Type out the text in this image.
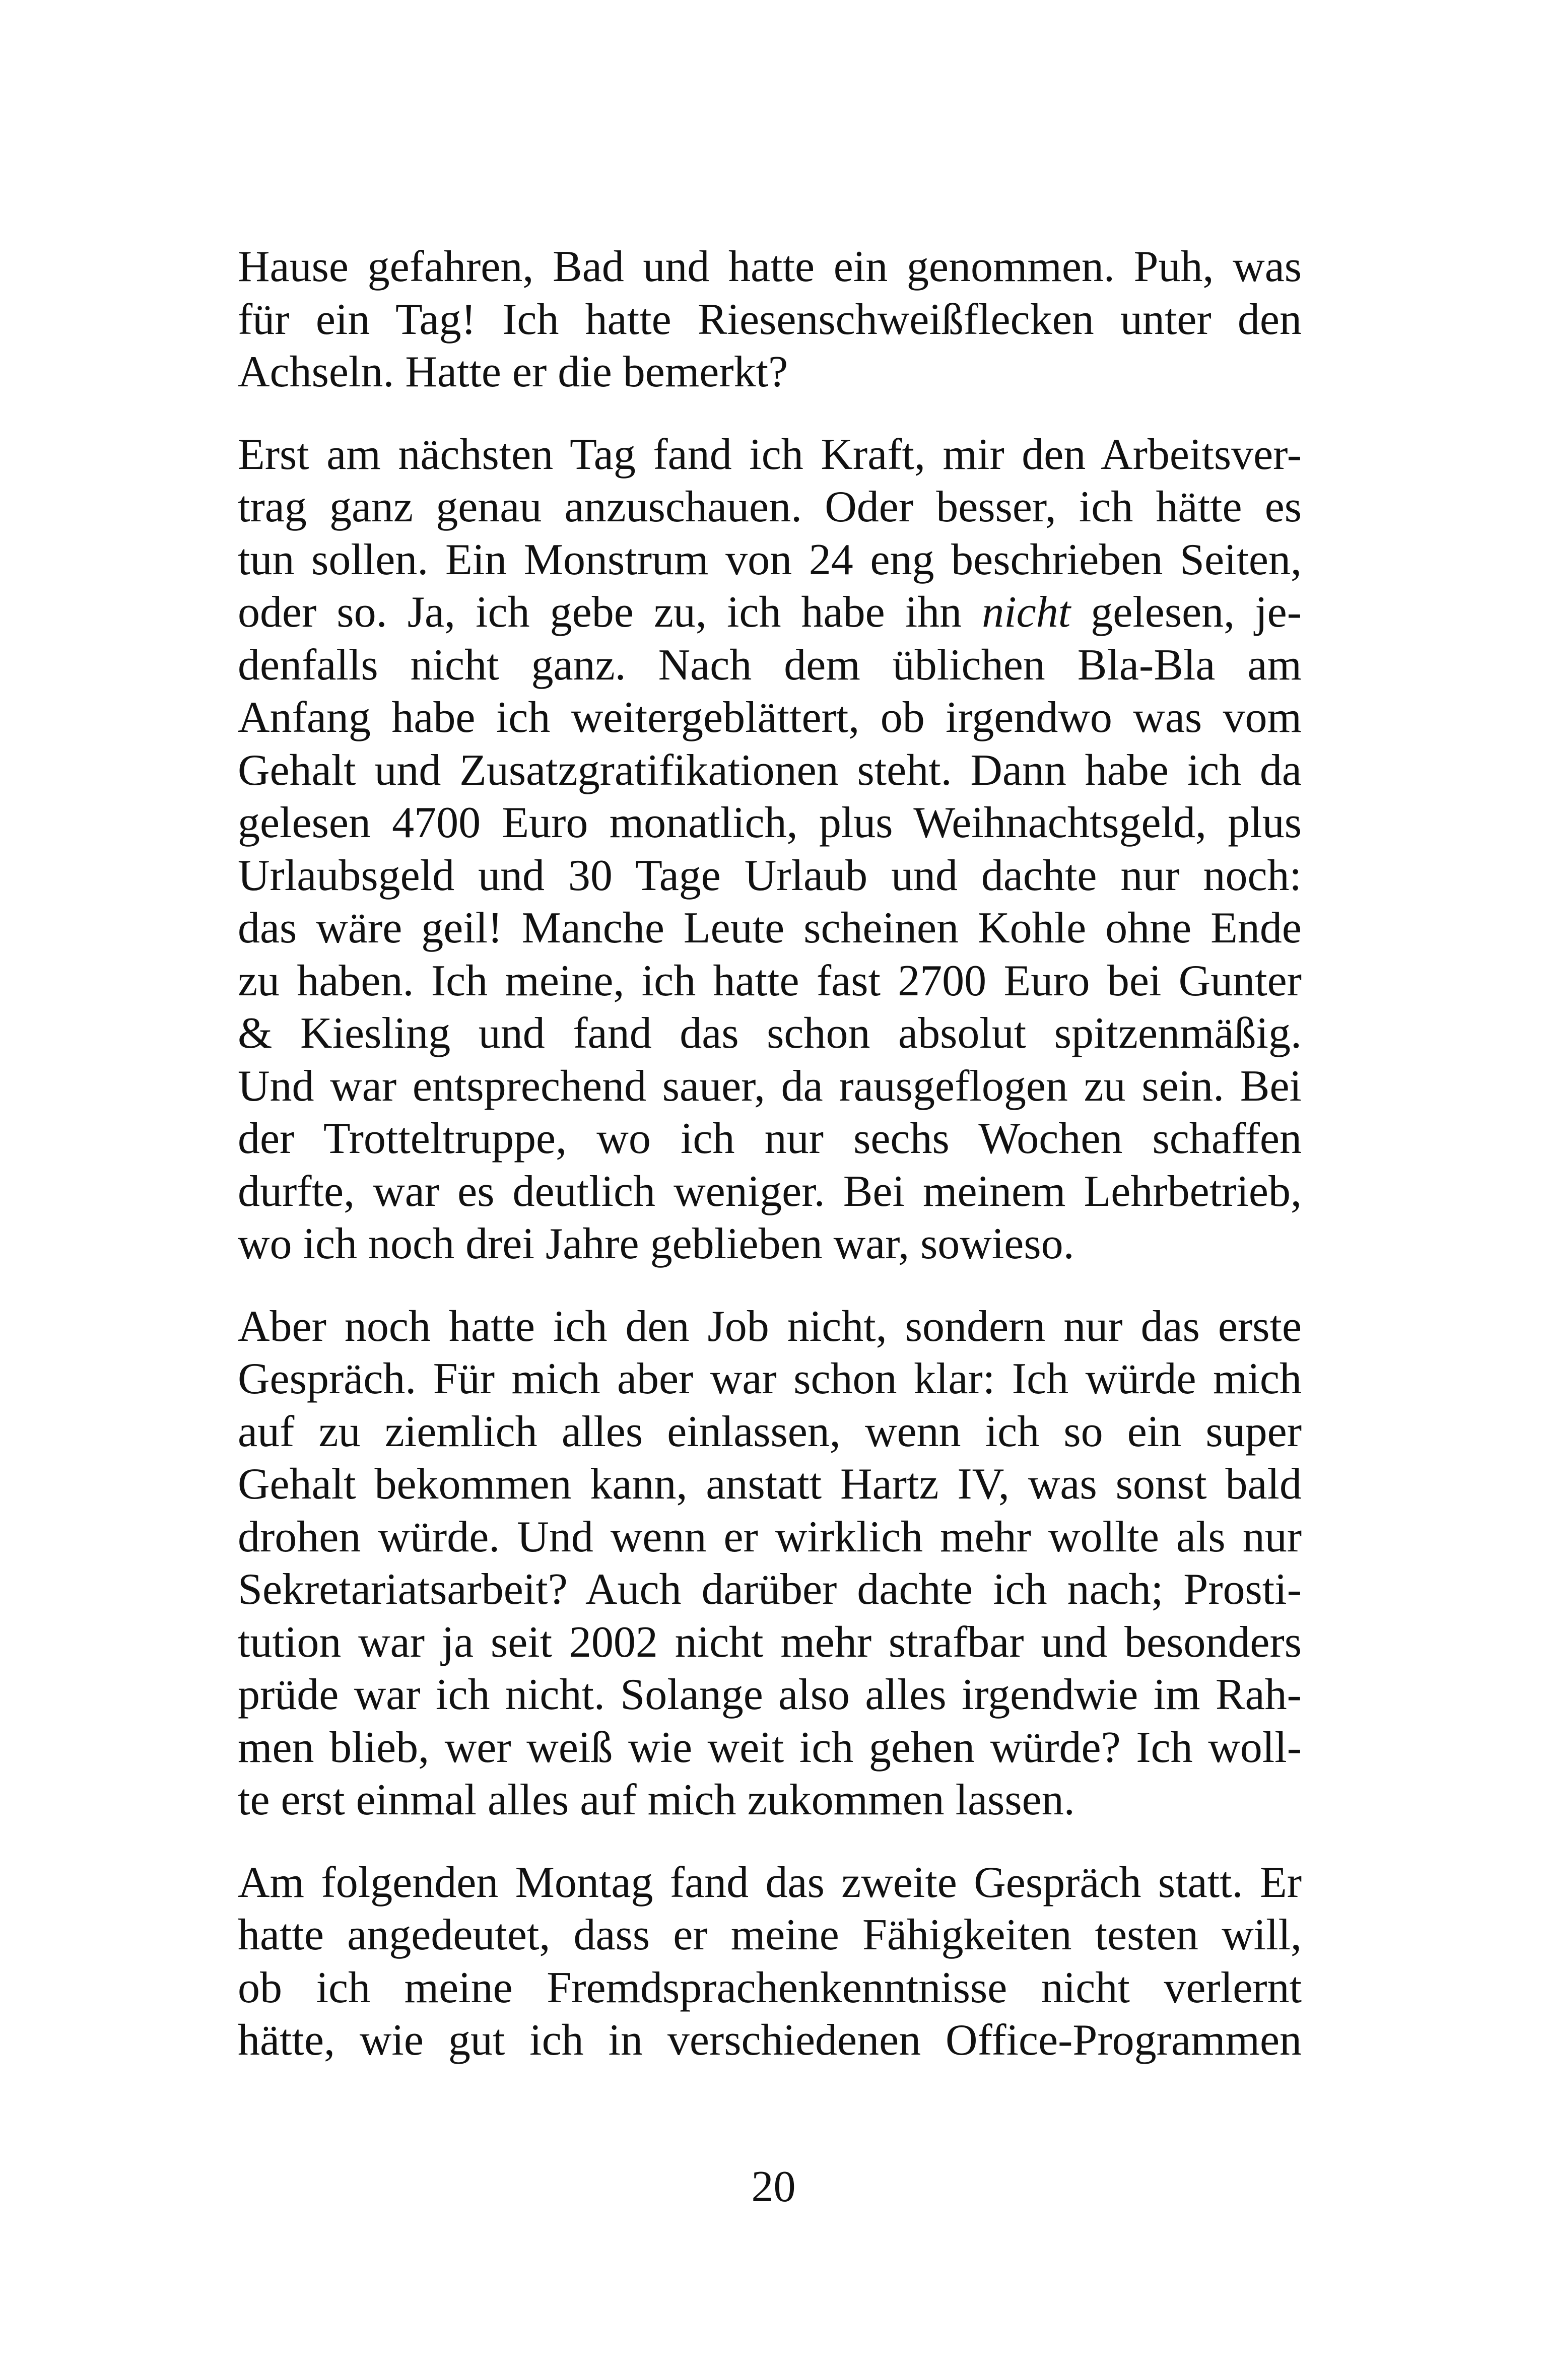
Hause gefahren, Bad und hatte ein genommen. Puh, was
für ein Tag! Ich hatte Riesenschweißflecken unter den
Achseln. Hatte er die bemerkt?

Erst am nächsten Tag fand ich Kraft, mir den Arbeitsver-
trag ganz genau anzuschauen. Oder besser, ich hätte es
tun sollen. Ein Monstrum von 24 eng beschrieben Seiten,
oder so. Ja, ich gebe zu, ich habe ihn nicht gelesen, je-
denfalls nicht ganz. Nach dem üblichen Bla-Bla am
Anfang habe ich weitergeblättert, ob irgendwo was vom
Gehalt und Zusatzgratifikationen steht. Dann habe ich da
gelesen 4700 Euro monatlich, plus Weihnachtsgeld, plus
Urlaubsgeld und 30 Tage Urlaub und dachte nur noch:
das wäre geil! Manche Leute scheinen Kohle ohne Ende
zu haben. Ich meine, ich hatte fast 2700 Euro bei Gunter
& Kiesling und fand das schon absolut spitzenmäßig.
Und war entsprechend sauer, da rausgeflogen zu sein. Bei
der Trotteltruppe, wo ich nur sechs Wochen schaffen
durfte, war es deutlich weniger. Bei meinem Lehrbetrieb,
wo ich noch drei Jahre geblieben war, sowieso.

Aber noch hatte ich den Job nicht, sondern nur das erste
Gespräch. Für mich aber war schon klar: Ich würde mich
auf zu ziemlich alles einlassen, wenn ich so ein super
Gehalt bekommen kann, anstatt Hartz IV, was sonst bald
drohen würde. Und wenn er wirklich mehr wollte als nur
Sekretariatsarbeit? Auch darüber dachte ich nach; Prosti-
tution war ja seit 2002 nicht mehr strafbar und besonders
prüde war ich nicht. Solange also alles irgendwie im Rah-
men blieb, wer weiß wie weit ich gehen würde? Ich woll-
te erst einmal alles auf mich zukommen lassen.

Am folgenden Montag fand das zweite Gespräch statt. Er
hatte angedeutet, dass er meine Fähigkeiten testen will,
ob ich meine Fremdsprachenkenntnisse nicht verlernt
hätte, wie gut ich in verschiedenen Office-Programmen

20
